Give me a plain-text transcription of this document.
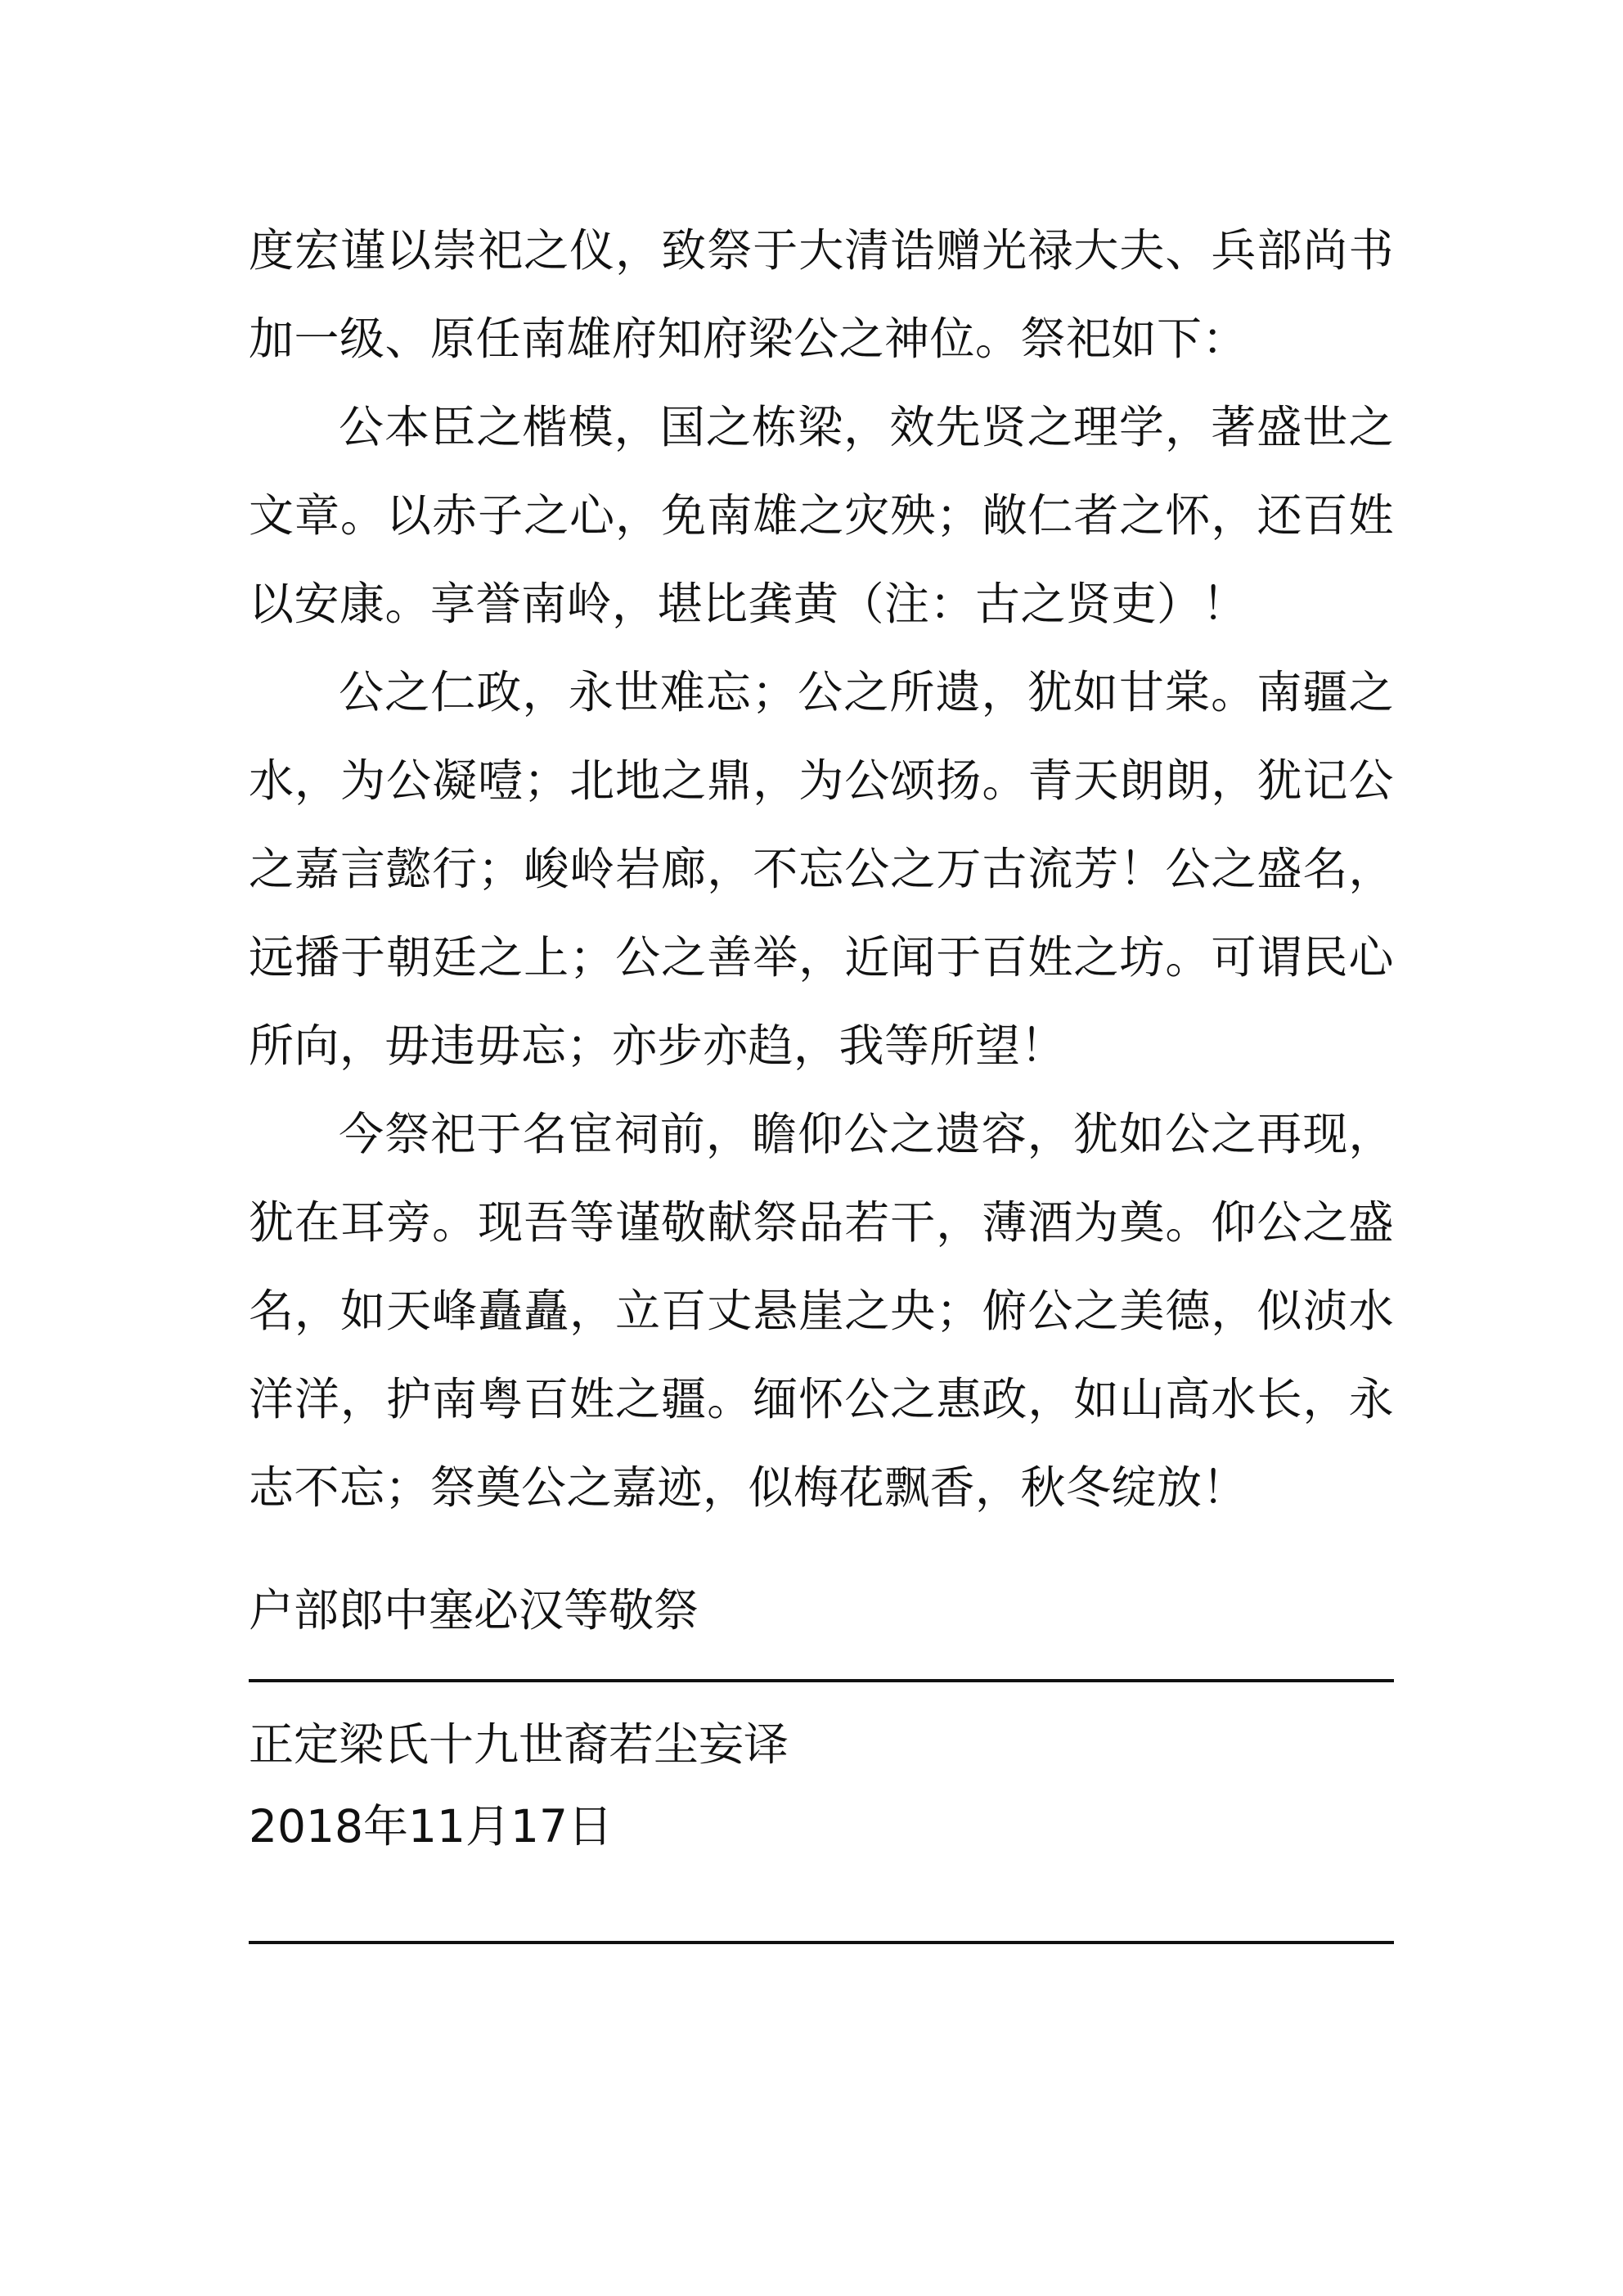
度宏谨以崇祀之仪，致祭于大清诰赠光禄大夫、兵部尚书加一级、原任南雄府知府梁公之神位。祭祀如下：

公本臣之楷模，国之栋梁，效先贤之理学，著盛世之文章。以赤子之心，免南雄之灾殃；敞仁者之怀，还百姓以安康。享誉南岭，堪比龚黄（注：古之贤吏）！

公之仁政，永世难忘；公之所遗，犹如甘棠。南疆之水，为公凝噎；北地之鼎，为公颂扬。青天朗朗，犹记公之嘉言懿行；峻岭岩廊，不忘公之万古流芳！公之盛名，远播于朝廷之上；公之善举，近闻于百姓之坊。可谓民心所向，毋违毋忘；亦步亦趋，我等所望！

今祭祀于名宦祠前，瞻仰公之遗容，犹如公之再现，犹在耳旁。现吾等谨敬献祭品若干，薄酒为奠。仰公之盛名，如天峰矗矗，立百丈悬崖之央；俯公之美德，似浈水洋洋，护南粤百姓之疆。缅怀公之惠政，如山高水长，永志不忘；祭奠公之嘉迹，似梅花飘香，秋冬绽放！

户部郎中塞必汉等敬祭
正定梁氏十九世裔若尘妄译
2018年11月17日
